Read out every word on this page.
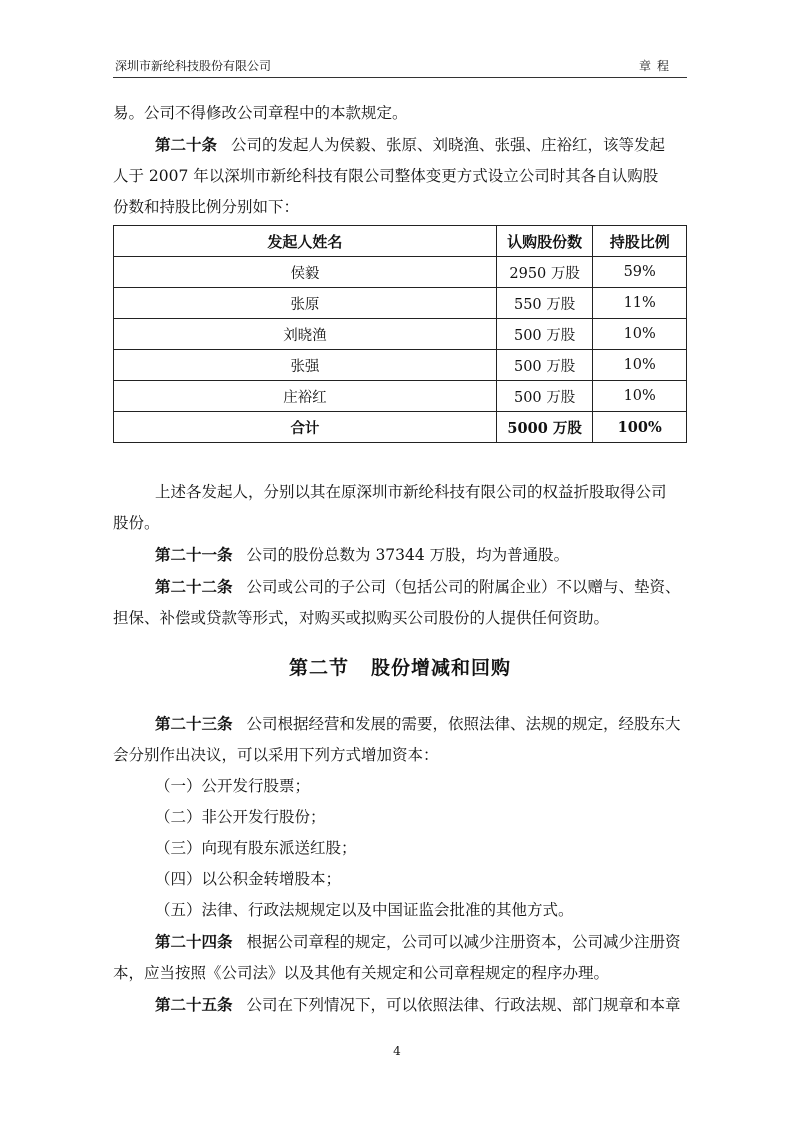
深圳市新纶科技股份有限公司	章程

易。公司不得修改公司章程中的本款规定。

第二十条 公司的发起人为侯毅、张原、刘晓渔、张强、庄裕红，该等发起

人于 2007 年以深圳市新纶科技有限公司整体变更方式设立公司时其各自认购股

份数和持股比例分别如下：

发起人姓名	认购股份数	持股比例
侯毅	2950 万股	59%
张原	550 万股	11%
刘晓渔	500 万股	10%
张强	500 万股	10%
庄裕红	500 万股	10%
合计	5000 万股	100%

上述各发起人，分别以其在原深圳市新纶科技有限公司的权益折股取得公司

股份。

第二十一条 公司的股份总数为 37344 万股，均为普通股。

第二十二条 公司或公司的子公司（包括公司的附属企业）不以赠与、垫资、

担保、补偿或贷款等形式，对购买或拟购买公司股份的人提供任何资助。

第二节 股份增减和回购

第二十三条 公司根据经营和发展的需要，依照法律、法规的规定，经股东大

会分别作出决议，可以采用下列方式增加资本：

（一）公开发行股票；

（二）非公开发行股份；

（三）向现有股东派送红股；

（四）以公积金转增股本；

（五）法律、行政法规规定以及中国证监会批准的其他方式。

第二十四条 根据公司章程的规定，公司可以减少注册资本，公司减少注册资

本，应当按照《公司法》以及其他有关规定和公司章程规定的程序办理。

第二十五条 公司在下列情况下，可以依照法律、行政法规、部门规章和本章

4
